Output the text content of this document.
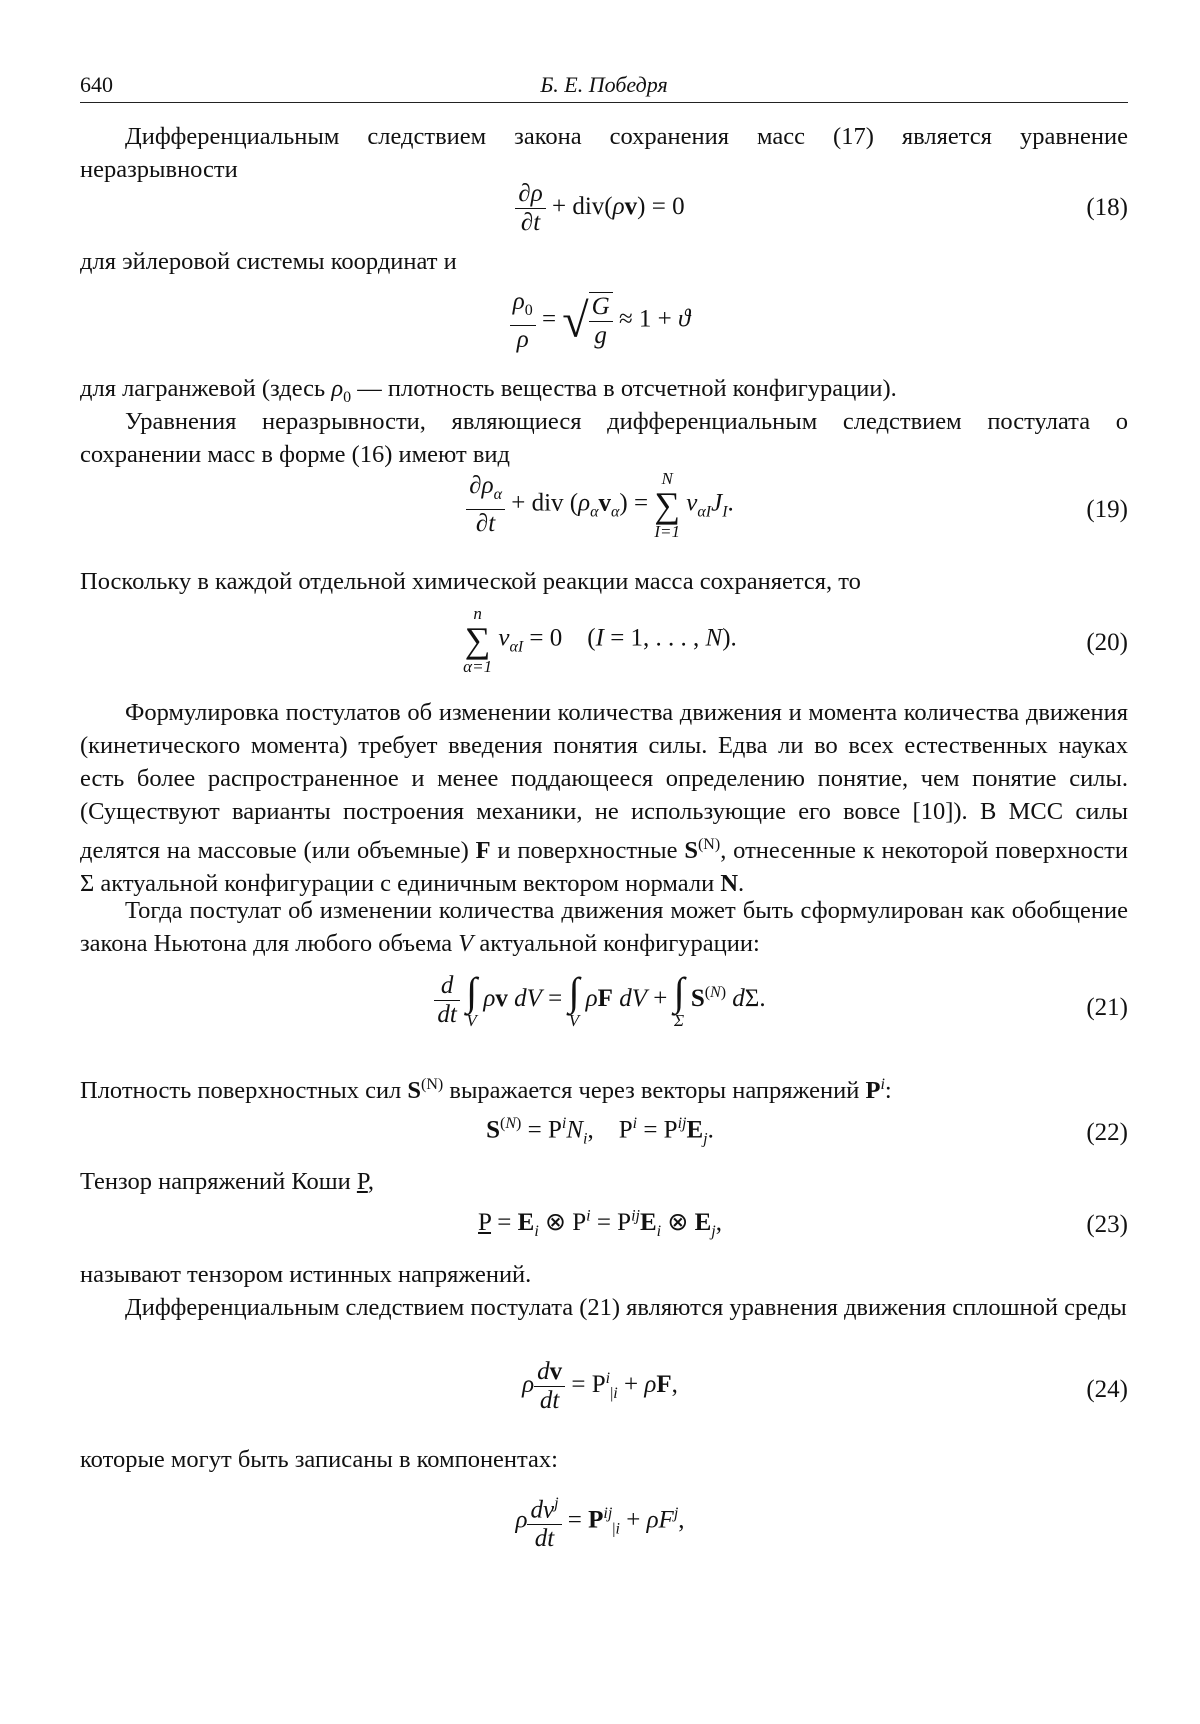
640	Б. Е. Победря
Дифференциальным следствием закона сохранения масс (17) является уравнение неразрывности
$\frac{\partial\rho}{\partial t} + div(\rho v) = 0$	(18)
для эйлеровой системы координат и
$\frac{\rho_0}{\rho}$ = √ $\frac{G}{g} \approx 1 + ϑ$
для лагранжевой (здесь $\rho_0$ — плотность вещества в отсчетной конфигурации).
Уравнения неразрывности, являющиеся дифференциальным следствием постулата о сохранении масс в форме (16) имеют вид
$\frac{\partial\rho_\alpha}{\partial t}$ + div $(\rho_\alpha v_\alpha)$ =
N
∑
I=1
$\nu_{\alpha I}J_I$.	(19)
Поскольку в каждой отдельной химической реакции масса сохраняется, то
n
∑
α=1
$\nu_{\alpha I} = 0$    (I = 1, . . . , N).	(20)
Формулировка постулатов об изменении количества движения и момента количества движения (кинетического момента) требует введения понятия силы. Едва ли во всех естественных науках есть более распространенное и менее поддающееся определению понятие, чем понятие силы. (Существуют варианты построения механики, не использующие его вовсе [10]). В МСС силы делятся на массовые (или объемные) F и поверхностные $S^{(N)}$, отнесенные к некоторой поверхности Σ актуальной конфигурации с единичным вектором нормали N.
Тогда постулат об изменении количества движения может быть сформулирован как обобщение закона Ньютона для любого объема V актуальной конфигурации:
$\frac{d}{dt}$
∫
V
ρv dV = ∫
V
ρF dV + ∫
Σ
$S^{(N)}$ dΣ.	(21)
Плотность поверхностных сил $S^{(N)}$ выражается через векторы напряжений $P^i$:
$S^{(N)} = P^iN_i$,    $P^i = P^{ij}E_j$.	(22)
Тензор напряжений Коши P,
$P = E_i$ ⊗ $P^i = P^{ij}E_i$ ⊗ $E_j$,	(23)
называют тензором истинных напряжений.
Дифференциальным следствием постулата (21) являются уравнения движения сплошной среды
ρ $\frac{dv}{dt} = P^i_{|i} + \rho F$,	(24)
которые могут быть записаны в компонентах:
ρ $\frac{dv^j}{dt} = P^{ij}_{|i} + \rho F^j$,
